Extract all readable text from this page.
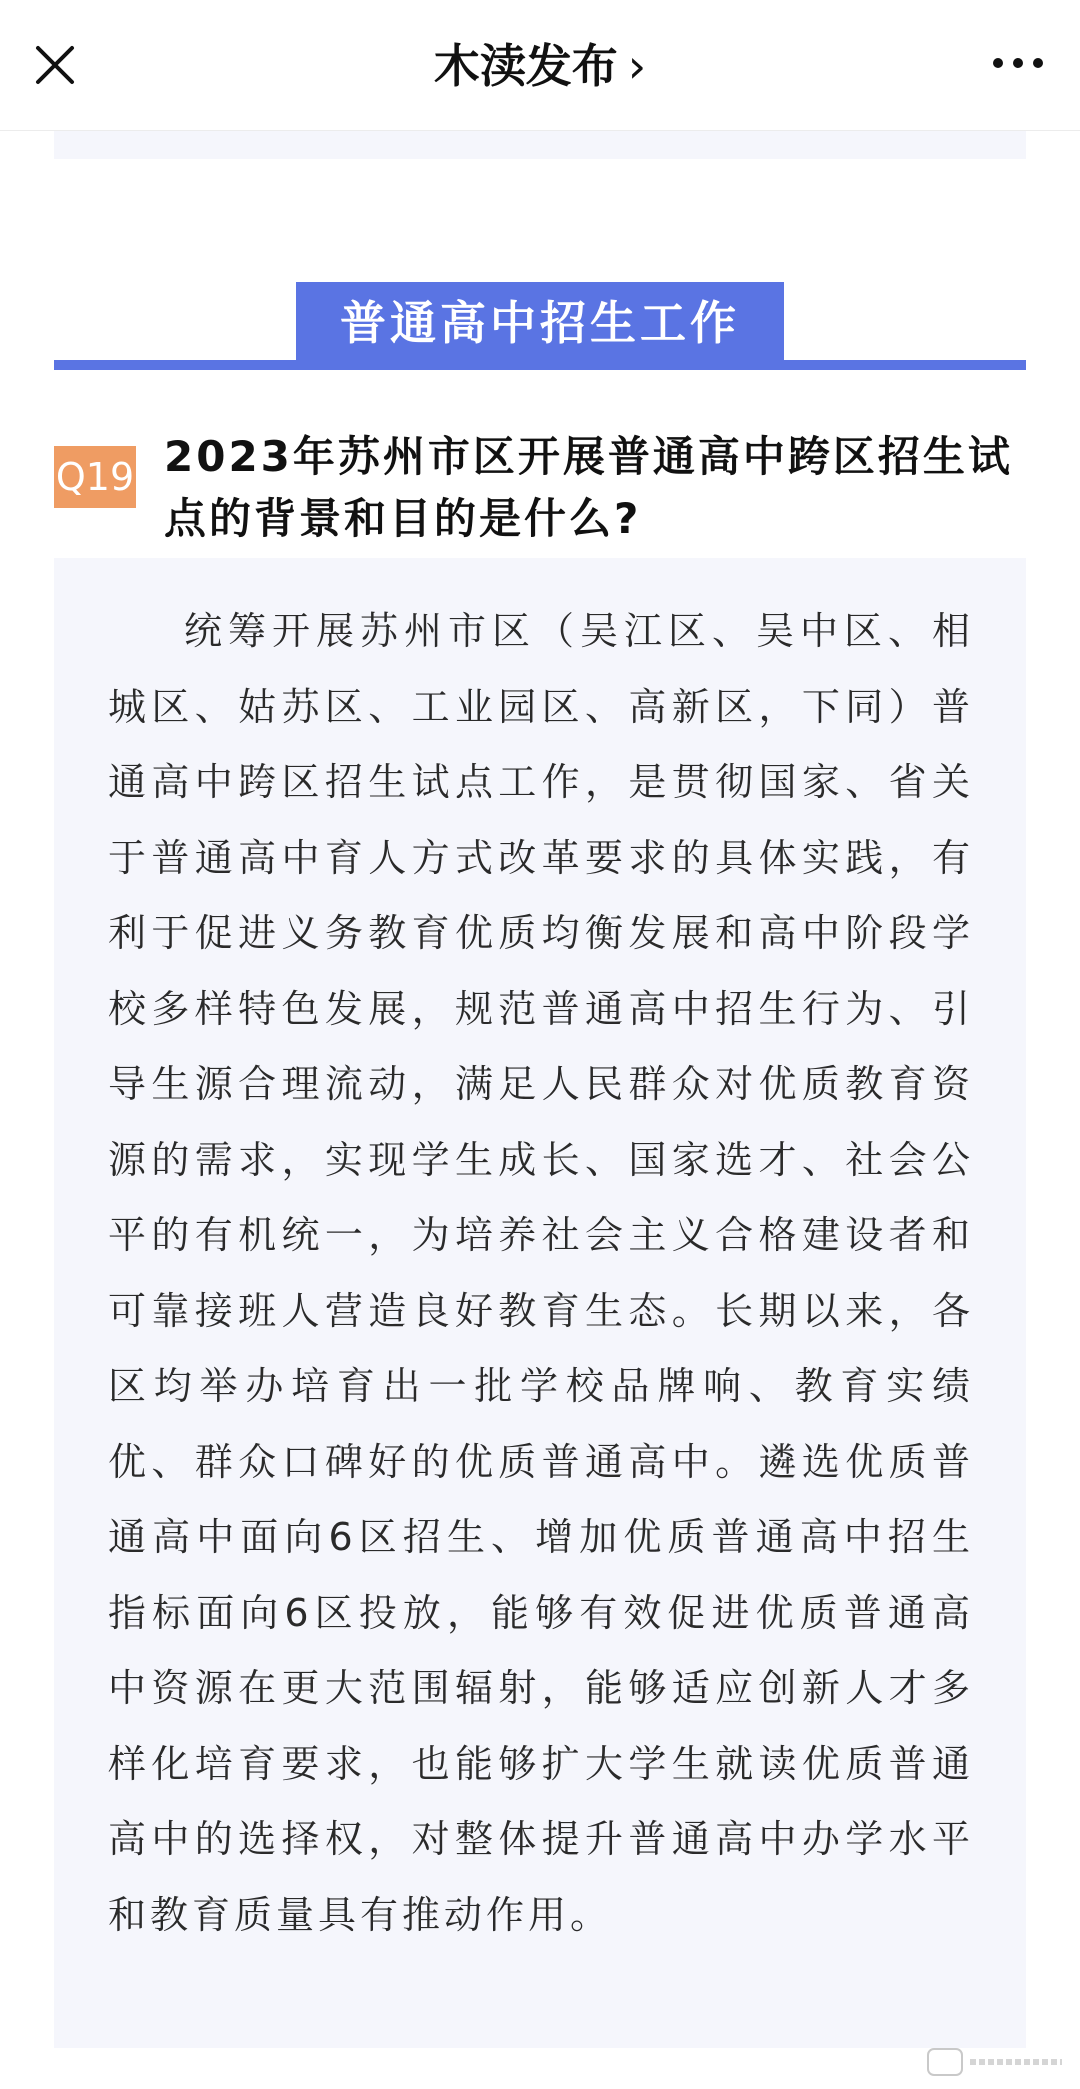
木渎发布 ›
普通高中招生工作
Q19 2023年苏州市区开展普通高中跨区招生试点的背景和目的是什么?

统筹开展苏州市区（吴江区、吴中区、相城区、姑苏区、工业园区、高新区，下同）普通高中跨区招生试点工作，是贯彻国家、省关于普通高中育人方式改革要求的具体实践，有利于促进义务教育优质均衡发展和高中阶段学校多样特色发展，规范普通高中招生行为、引导生源合理流动，满足人民群众对优质教育资源的需求，实现学生成长、国家选才、社会公平的有机统一，为培养社会主义合格建设者和可靠接班人营造良好教育生态。长期以来，各区均举办培育出一批学校品牌响、教育实绩优、群众口碑好的优质普通高中。遴选优质普通高中面向6区招生、增加优质普通高中招生指标面向6区投放，能够有效促进优质普通高中资源在更大范围辐射，能够适应创新人才多样化培育要求，也能够扩大学生就读优质普通高中的选择权，对整体提升普通高中办学水平和教育质量具有推动作用。
